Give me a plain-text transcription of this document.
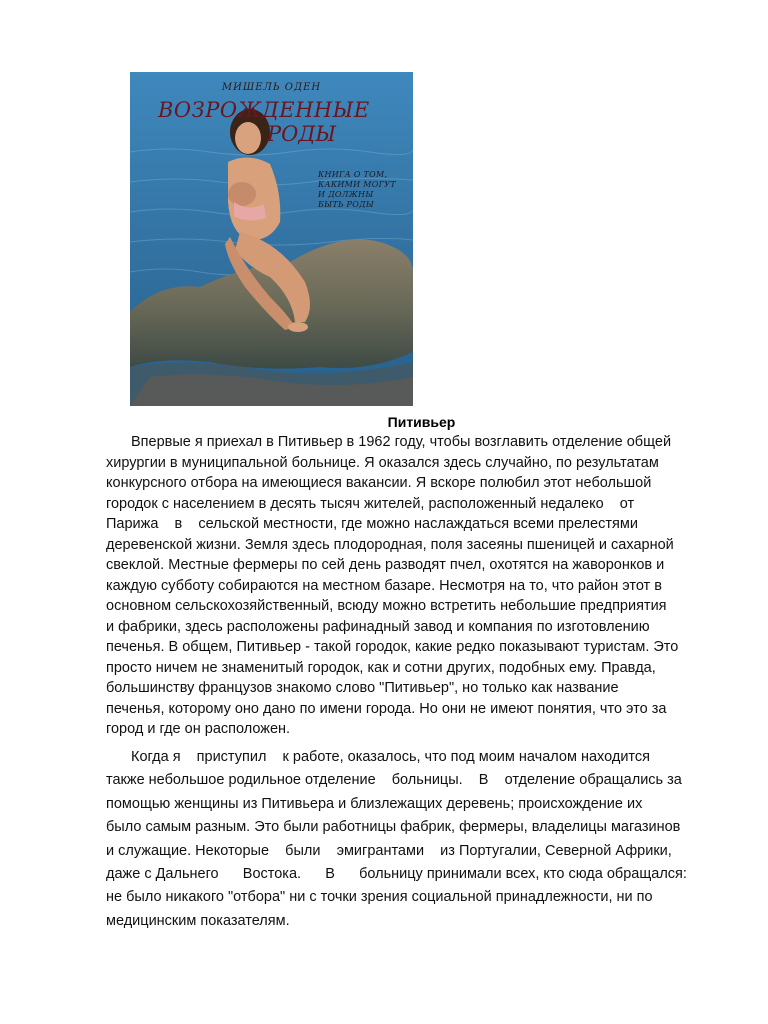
МИШЕЛЬ ОДЕН
ВОЗРОЖДЕННЫЕ
РОДЫ
КНИГА О ТОМ,
КАКИМИ МОГУТ
И ДОЛЖНЫ
БЫТЬ РОДЫ
Питивьер

Впервые я приехал в Питивьер в 1962 году, чтобы возглавить отделение общей
хирургии в муниципальной больнице. Я оказался здесь случайно, по результатам
конкурсного отбора на имеющиеся вакансии. Я вскоре полюбил этот небольшой
городок с населением в десять тысяч жителей, расположенный недалеко    от
Парижа    в    сельской местности, где можно наслаждаться всеми прелестями
деревенской жизни. Земля здесь плодородная, поля засеяны пшеницей и сахарной
свеклой. Местные фермеры по сей день разводят пчел, охотятся на жаворонков и
каждую субботу собираются на местном базаре. Несмотря на то, что район этот в
основном сельскохозяйственный, всюду можно встретить небольшие предприятия
и фабрики, здесь расположены рафинадный завод и компания по изготовлению
печенья. В общем, Питивьер - такой городок, какие редко показывают туристам. Это
просто ничем не знаменитый городок, как и сотни других, подобных ему. Правда,
большинству французов знакомо слово "Питивьер", но только как название
печенья, которому оно дано по имени города. Но они не имеют понятия, что это за
город и где он расположен.

Когда я    приступил    к работе, оказалось, что под моим началом находится
также небольшое родильное отделение    больницы.    В    отделение обращались за
помощью женщины из Питивьера и близлежащих деревень; происхождение их
было самым разным. Это были работницы фабрик, фермеры, владелицы магазинов
и служащие. Некоторые    были    эмигрантами    из Португалии, Северной Африки,
даже с Дальнего      Востока.      В      больницу принимали всех, кто сюда обращался:
не было никакого "отбора" ни с точки зрения социальной принадлежности, ни по
медицинским показателям.
